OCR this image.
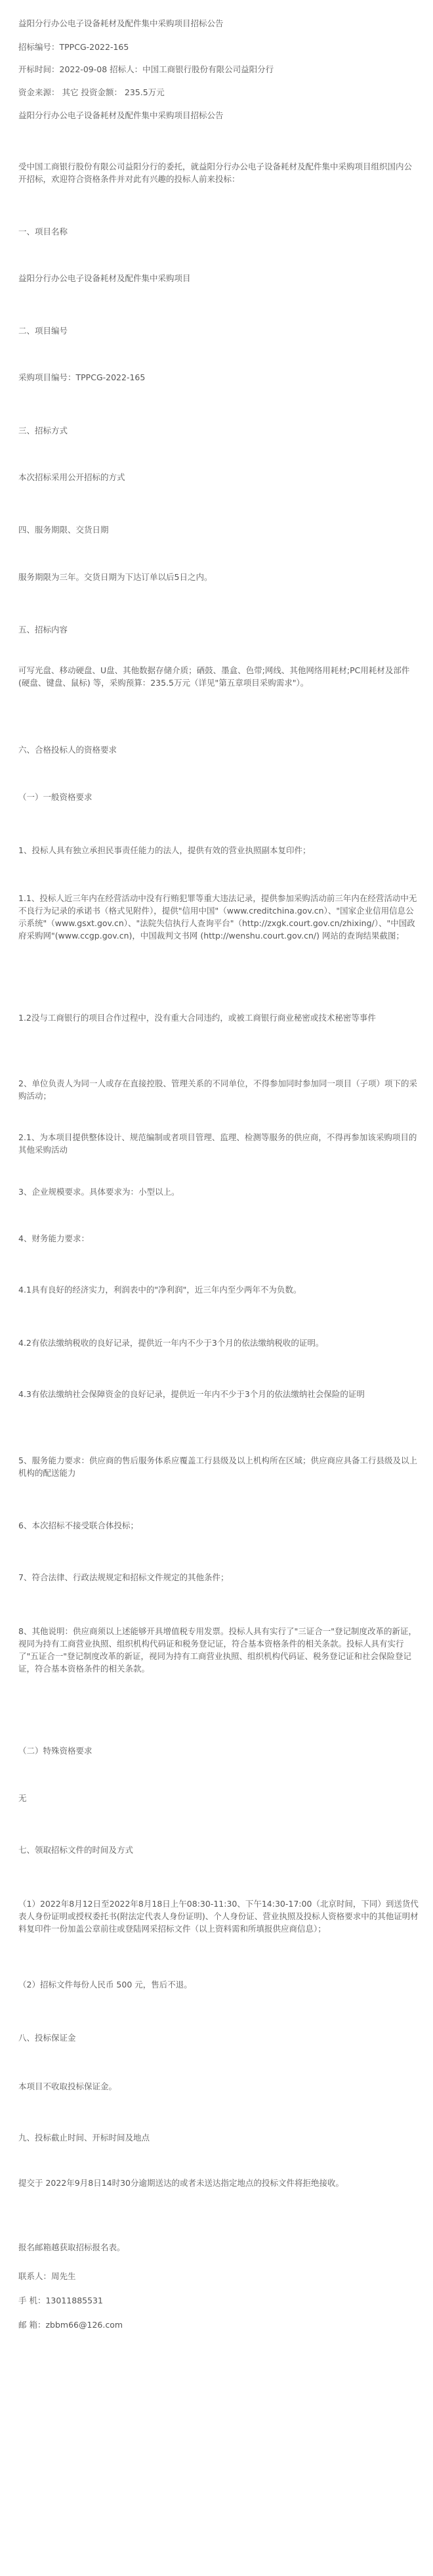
益阳分行办公电子设备耗材及配件集中采购项目招标公告

招标编号：TPPCG-2022-165

开标时间：2022-09-08 招标人：中国工商银行股份有限公司益阳分行

资金来源： 其它 投资金额： 235.5万元

益阳分行办公电子设备耗材及配件集中采购项目招标公告

受中国工商银行股份有限公司益阳分行的委托，就益阳分行办公电子设备耗材及配件集中采购项目组织国内公开招标，欢迎符合资格条件并对此有兴趣的投标人前来投标：

一、项目名称

益阳分行办公电子设备耗材及配件集中采购项目

二、项目编号

采购项目编号：TPPCG-2022-165

三、招标方式

本次招标采用公开招标的方式

四、服务期限、交货日期

服务期限为三年。交货日期为下达订单以后5日之内。

五、招标内容

可写光盘、移动硬盘、U盘、其他数据存储介质；硒鼓、墨盒、色带;网线、其他网络用耗材;PC用耗材及部件(硬盘、键盘、鼠标) 等，采购预算：235.5万元（详见"第五章项目采购需求"）。

六、合格投标人的资格要求

（一）一般资格要求

1、投标人具有独立承担民事责任能力的法人，提供有效的营业执照副本复印件；

1.1、投标人近三年内在经营活动中没有行贿犯罪等重大违法记录，提供参加采购活动前三年内在经营活动中无不良行为记录的承诺书（格式见附件），提供"信用中国"（www.creditchina.gov.cn）、"国家企业信用信息公示系统"（www.gsxt.gov.cn）、"法院失信执行人查询平台"（http://zxgk.court.gov.cn/zhixing/）、"中国政府采购网"(www.ccgp.gov.cn)，中国裁判文书网 (http://wenshu.court.gov.cn/) 网站的查询结果截图；

1.2没与工商银行的项目合作过程中，没有重大合同违约，或被工商银行商业秘密或技术秘密等事件

2、单位负责人为同一人或存在直接控股、管理关系的不同单位，不得参加同时参加同一项目（子项）项下的采购活动；

2.1、为本项目提供整体设计、规范编制或者项目管理、监理、检测等服务的供应商，不得再参加该采购项目的其他采购活动

3、企业规模要求。具体要求为：小型以上。

4、财务能力要求：

4.1具有良好的经济实力，利润表中的"净利润"，近三年内至少两年不为负数。

4.2有依法缴纳税收的良好记录，提供近一年内不少于3个月的依法缴纳税收的证明。

4.3有依法缴纳社会保障资金的良好记录，提供近一年内不少于3个月的依法缴纳社会保险的证明

5、服务能力要求：供应商的售后服务体系应覆盖工行县级及以上机构所在区域；供应商应具备工行县级及以上机构的配送能力

6、本次招标不接受联合体投标；

7、符合法律、行政法规规定和招标文件规定的其他条件；

8、其他说明：供应商须以上述能够开具增值税专用发票。投标人具有实行了"三证合一"登记制度改革的新证，视同为持有工商营业执照、组织机构代码证和税务登记证，符合基本资格条件的相关条款。投标人具有实行了"五证合一"登记制度改革的新证，视同为持有工商营业执照、组织机构代码证、税务登记证和社会保险登记证，符合基本资格条件的相关条款。

（二）特殊资格要求

无

七、领取招标文件的时间及方式

（1）2022年8月12日至2022年8月18日上午08:30-11:30、下午14:30-17:00（北京时间，下同）到送货代表人身份证明或授权委托书(附法定代表人身份证明)、个人身份证、营业执照及投标人资格要求中的其他证明材料复印件一份加盖公章前往或登陆网采招标文件（以上资料需和所填报供应商信息）；

（2）招标文件每份人民币 500 元，售后不退。

八、投标保证金

本项目不收取投标保证金。

九、投标截止时间、开标时间及地点

提交于 2022年9月8日14时30分逾期送达的或者未送达指定地点的投标文件将拒绝接收。

报名邮箱越获取招标报名表。

联系人：周先生

手 机：13011885531

邮 箱：zbbm66@126.com
